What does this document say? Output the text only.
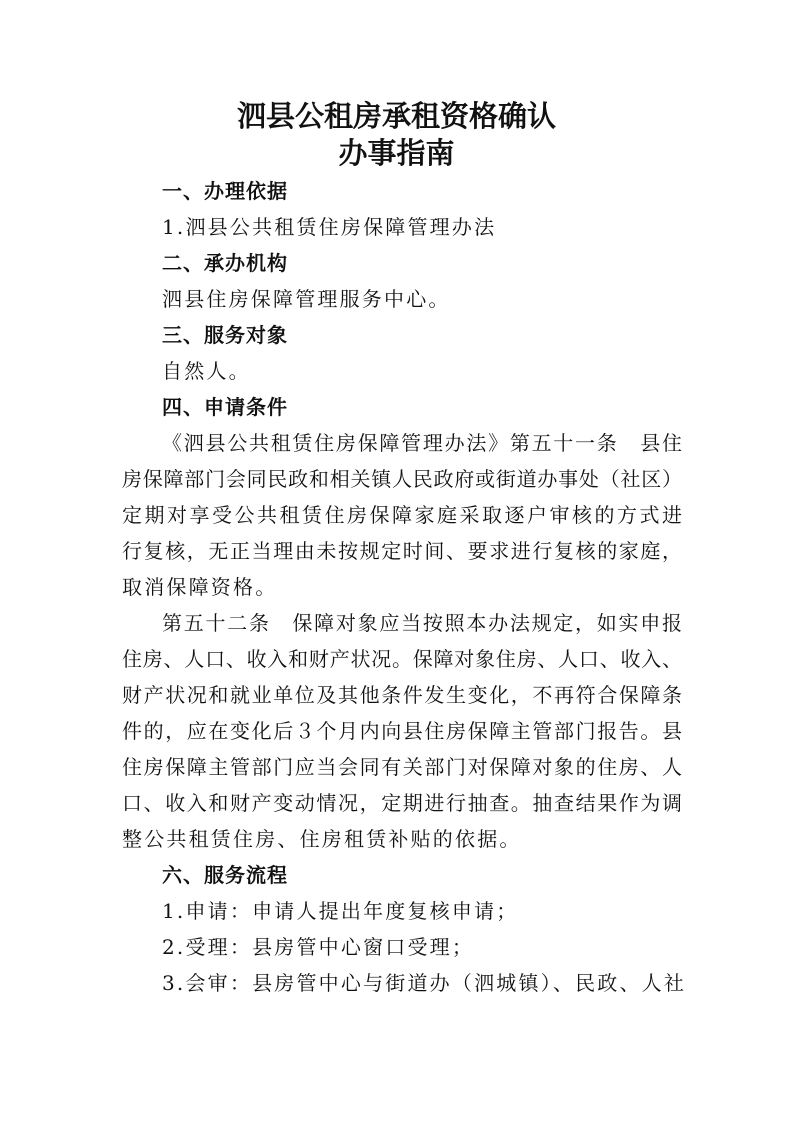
泗县公租房承租资格确认
办事指南

一、办理依据

1.泗县公共租赁住房保障管理办法

二、承办机构

泗县住房保障管理服务中心。

三、服务对象

自然人。

四、申请条件

《泗县公共租赁住房保障管理办法》第五十一条　县住

房保障部门会同民政和相关镇人民政府或街道办事处（社区）

定期对享受公共租赁住房保障家庭采取逐户审核的方式进

行复核，无正当理由未按规定时间、要求进行复核的家庭，

取消保障资格。

第五十二条　保障对象应当按照本办法规定，如实申报

住房、人口、收入和财产状况。保障对象住房、人口、收入、

财产状况和就业单位及其他条件发生变化，不再符合保障条

件的，应在变化后３个月内向县住房保障主管部门报告。县

住房保障主管部门应当会同有关部门对保障对象的住房、人

口、收入和财产变动情况，定期进行抽查。抽查结果作为调

整公共租赁住房、住房租赁补贴的依据。

六、服务流程

1.申请：申请人提出年度复核申请；

2.受理：县房管中心窗口受理；

3.会审：县房管中心与街道办（泗城镇）、民政、人社
